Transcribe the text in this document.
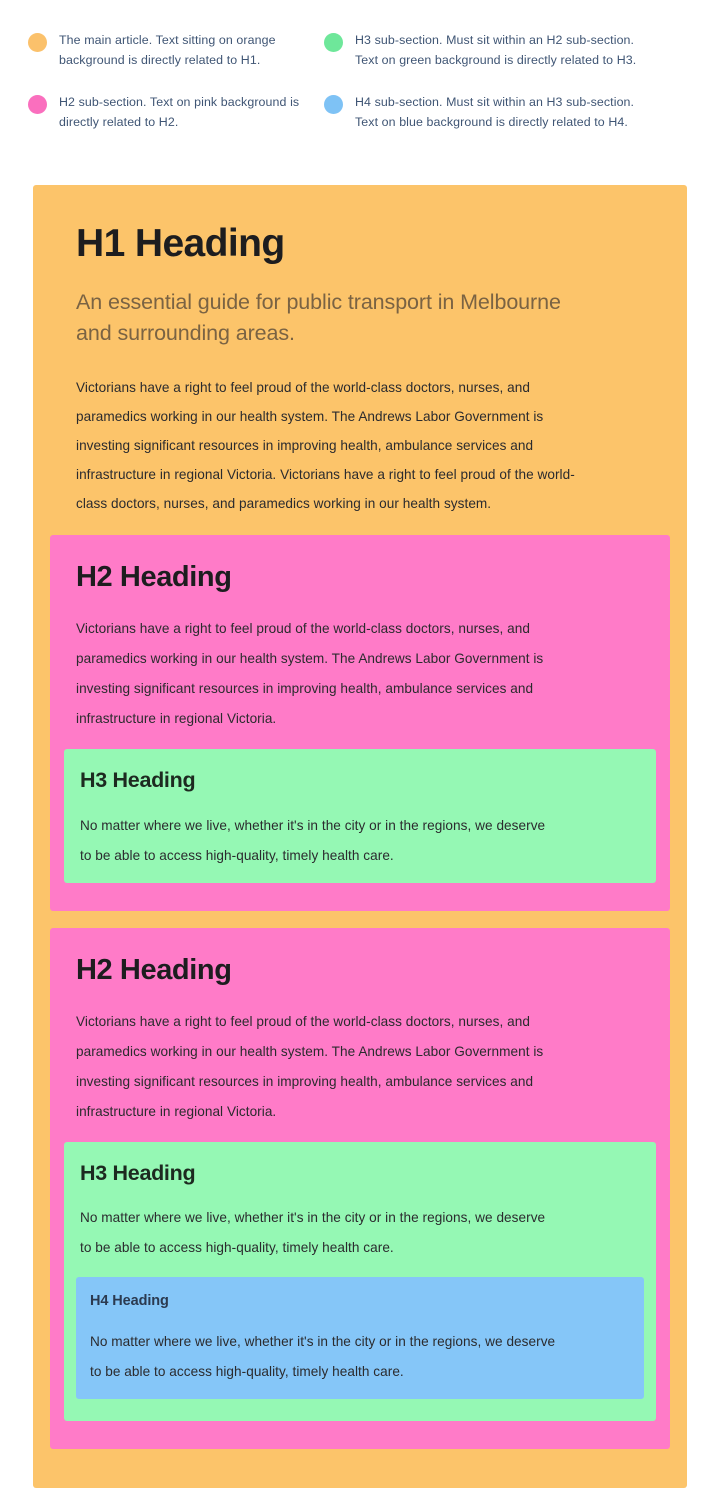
The main article. Text sitting on orange background is directly related to H1.
H3 sub-section. Must sit within an H2 sub-section. Text on green background is directly related to H3.
H2 sub-section. Text on pink background is directly related to H2.
H4 sub-section. Must sit within an H3 sub-section. Text on blue background is directly related to H4.
H1 Heading
An essential guide for public transport in Melbourne and surrounding areas.
Victorians have a right to feel proud of the world-class doctors, nurses, and paramedics working in our health system. The Andrews Labor Government is investing significant resources in improving health, ambulance services and infrastructure in regional Victoria. Victorians have a right to feel proud of the world-class doctors, nurses, and paramedics working in our health system.
H2 Heading
Victorians have a right to feel proud of the world-class doctors, nurses, and paramedics working in our health system. The Andrews Labor Government is investing significant resources in improving health, ambulance services and infrastructure in regional Victoria.
H3 Heading
No matter where we live, whether it's in the city or in the regions, we deserve to be able to access high-quality, timely health care.
H2 Heading
Victorians have a right to feel proud of the world-class doctors, nurses, and paramedics working in our health system. The Andrews Labor Government is investing significant resources in improving health, ambulance services and infrastructure in regional Victoria.
H3 Heading
No matter where we live, whether it's in the city or in the regions, we deserve to be able to access high-quality, timely health care.
H4 Heading
No matter where we live, whether it's in the city or in the regions, we deserve to be able to access high-quality, timely health care.
